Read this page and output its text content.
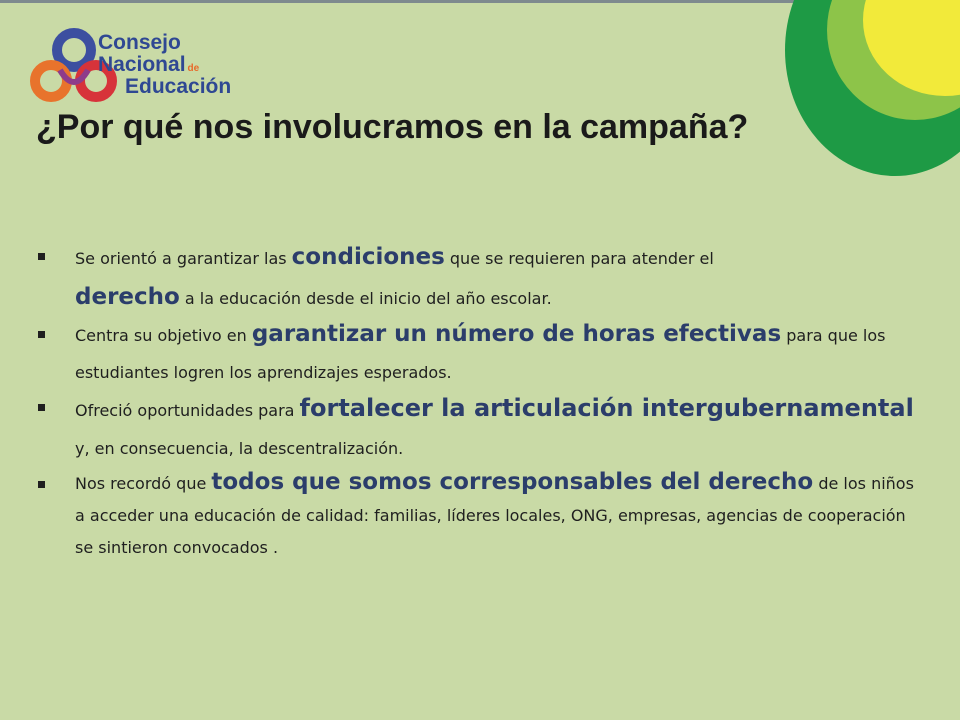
Consejo
Nacional de
Educación
¿Por qué nos involucramos en la campaña?
Se orientó a garantizar las condiciones que se requieren para atender el
derecho a la educación desde el inicio del año escolar.
Centra su objetivo en garantizar un número de horas efectivas para que los estudiantes logren los aprendizajes esperados.
Ofreció oportunidades para fortalecer la articulación intergubernamental y, en consecuencia, la descentralización.
Nos recordó que todos que somos corresponsables del derecho de los niños a acceder una educación de calidad: familias, líderes locales, ONG, empresas, agencias de cooperación se sintieron convocados .
